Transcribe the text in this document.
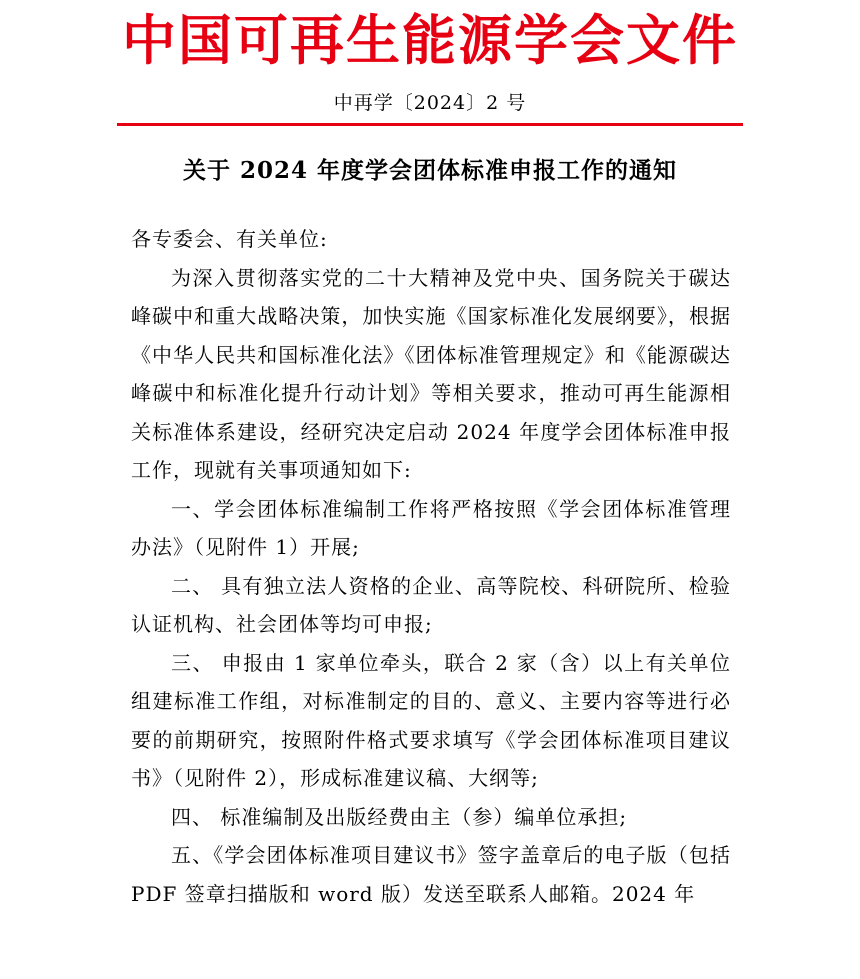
中国可再生能源学会文件
中再学〔2024〕2 号
关于 2024 年度学会团体标准申报工作的通知

各专委会、有关单位:

为深入贯彻落实党的二十大精神及党中央、国务院关于碳达峰碳中和重大战略决策，加快实施《国家标准化发展纲要》，根据《中华人民共和国标准化法》《团体标准管理规定》和《能源碳达峰碳中和标准化提升行动计划》等相关要求，推动可再生能源相关标准体系建设，经研究决定启动 2024 年度学会团体标准申报工作，现就有关事项通知如下:

一、学会团体标准编制工作将严格按照《学会团体标准管理办法》（见附件 1）开展;

二、 具有独立法人资格的企业、高等院校、科研院所、检验认证机构、社会团体等均可申报;

三、 申报由 1 家单位牵头，联合 2 家（含）以上有关单位组建标准工作组，对标准制定的目的、意义、主要内容等进行必要的前期研究，按照附件格式要求填写《学会团体标准项目建议书》（见附件 2），形成标准建议稿、大纲等;

四、 标准编制及出版经费由主（参）编单位承担;

五、《学会团体标准项目建议书》签字盖章后的电子版（包括 PDF 签章扫描版和 word 版）发送至联系人邮箱。2024 年
